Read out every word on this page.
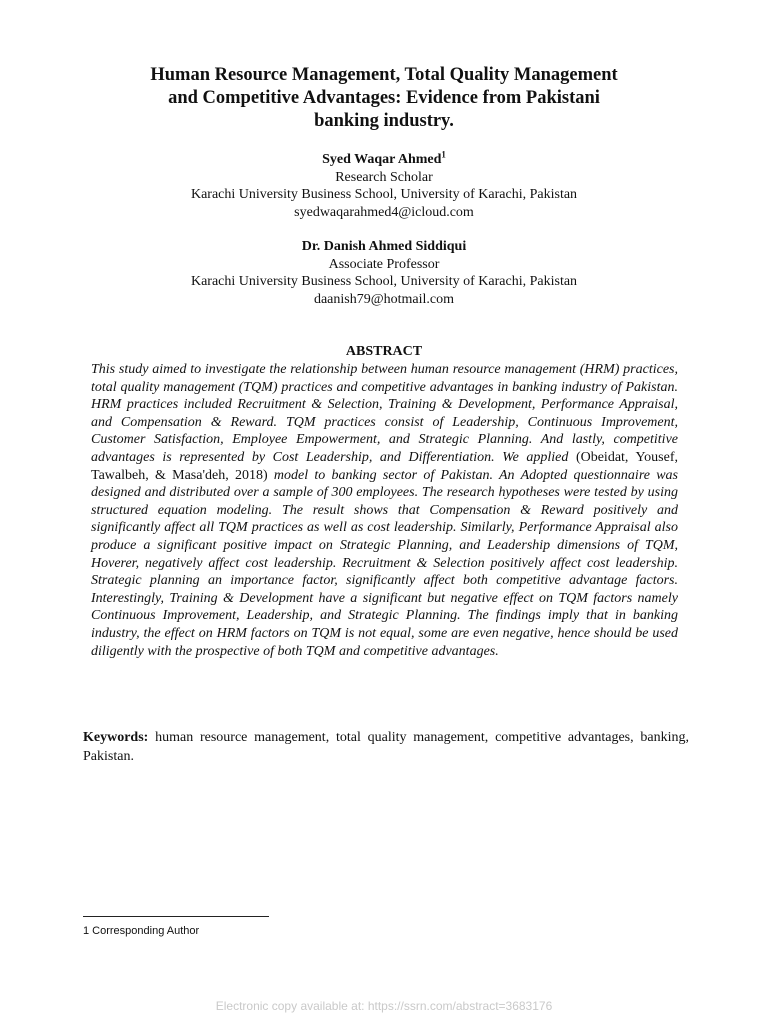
Human Resource Management, Total Quality Management
and Competitive Advantages: Evidence from Pakistani
banking industry.
Syed Waqar Ahmed$^1$
Research Scholar
Karachi University Business School, University of Karachi, Pakistan
syedwaqarahmed4@icloud.com
Dr. Danish Ahmed Siddiqui
Associate Professor
Karachi University Business School, University of Karachi, Pakistan
daanish79@hotmail.com
ABSTRACT

This study aimed to investigate the relationship between human resource management (HRM) practices, total quality management (TQM) practices and competitive advantages in banking industry of Pakistan. HRM practices included Recruitment & Selection, Training & Development, Performance Appraisal, and Compensation & Reward. TQM practices consist of Leadership, Continuous Improvement, Customer Satisfaction, Employee Empowerment, and Strategic Planning. And lastly, competitive advantages is represented by Cost Leadership, and Differentiation. We applied (Obeidat, Yousef, Tawalbeh, & Masa'deh, 2018) model to banking sector of Pakistan. An Adopted questionnaire was designed and distributed over a sample of 300 employees. The research hypotheses were tested by using structured equation modeling. The result shows that Compensation & Reward positively and significantly affect all TQM practices as well as cost leadership. Similarly, Performance Appraisal also produce a significant positive impact on Strategic Planning, and Leadership dimensions of TQM, Hoverer, negatively affect cost leadership. Recruitment & Selection positively affect cost leadership. Strategic planning an importance factor, significantly affect both competitive advantage factors. Interestingly, Training & Development have a significant but negative effect on TQM factors namely Continuous Improvement, Leadership, and Strategic Planning. The findings imply that in banking industry, the effect on HRM factors on TQM is not equal, some are even negative, hence should be used diligently with the prospective of both TQM and competitive advantages.

Keywords: human resource management, total quality management, competitive advantages, banking, Pakistan.

1 Corresponding Author
Electronic copy available at: https://ssrn.com/abstract=3683176
